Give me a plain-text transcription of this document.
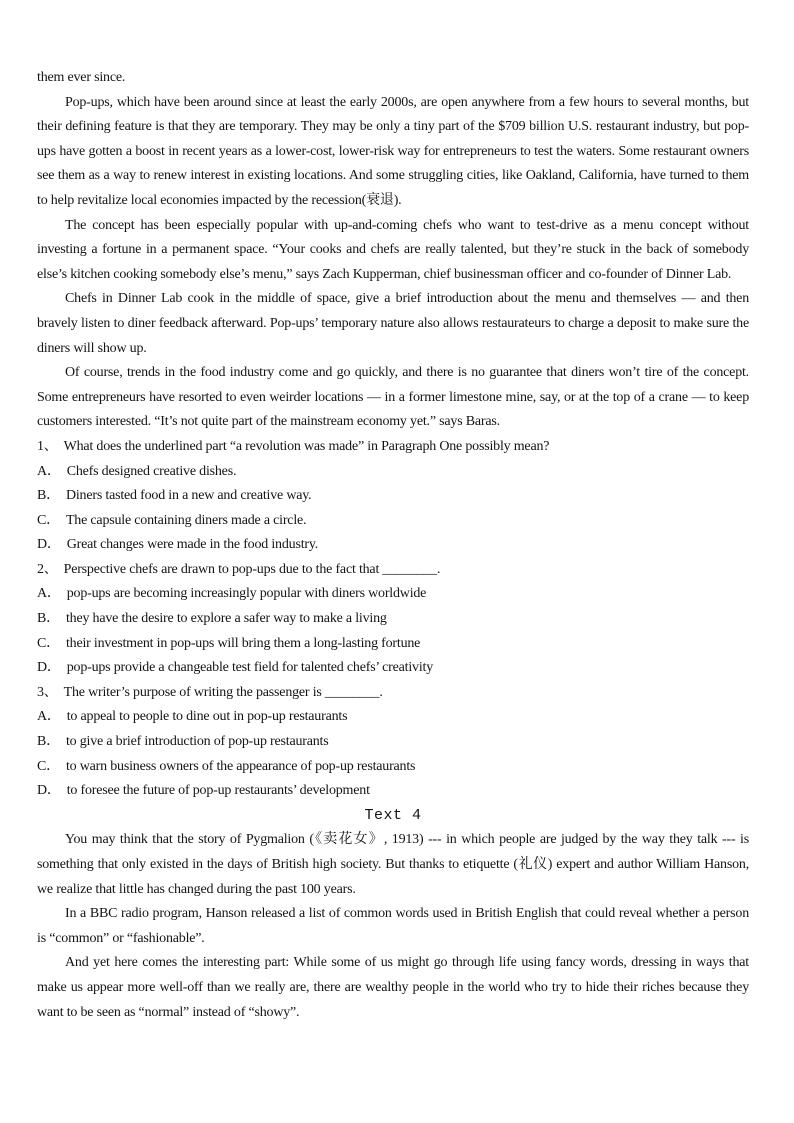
them ever since.

Pop-ups, which have been around since at least the early 2000s, are open anywhere from a few hours to several months, but their defining feature is that they are temporary. They may be only a tiny part of the $709 billion U.S. restaurant industry, but pop-ups have gotten a boost in recent years as a lower-cost, lower-risk way for entrepreneurs to test the waters. Some restaurant owners see them as a way to renew interest in existing locations. And some struggling cities, like Oakland, California, have turned to them to help revitalize local economies impacted by the recession(衰退).

The concept has been especially popular with up-and-coming chefs who want to test-drive as a menu concept without investing a fortune in a permanent space. “Your cooks and chefs are really talented, but they’re stuck in the back of somebody else’s kitchen cooking somebody else’s menu,” says Zach Kupperman, chief businessman officer and co-founder of Dinner Lab.

Chefs in Dinner Lab cook in the middle of space, give a brief introduction about the menu and themselves — and then bravely listen to diner feedback afterward. Pop-ups’ temporary nature also allows restaurateurs to charge a deposit to make sure the diners will show up.

Of course, trends in the food industry come and go quickly, and there is no guarantee that diners won’t tire of the concept. Some entrepreneurs have resorted to even weirder locations — in a former limestone mine, say, or at the top of a crane — to keep customers interested. “It’s not quite part of the mainstream economy yet.” says Baras.

1、 What does the underlined part “a revolution was made” in Paragraph One possibly mean?
A． Chefs designed creative dishes.
B． Diners tasted food in a new and creative way.
C． The capsule containing diners made a circle.
D． Great changes were made in the food industry.
2、 Perspective chefs are drawn to pop-ups due to the fact that ________.
A． pop-ups are becoming increasingly popular with diners worldwide
B． they have the desire to explore a safer way to make a living
C． their investment in pop-ups will bring them a long-lasting fortune
D． pop-ups provide a changeable test field for talented chefs’ creativity
3、 The writer’s purpose of writing the passenger is ________.
A． to appeal to people to dine out in pop-up restaurants
B． to give a brief introduction of pop-up restaurants
C． to warn business owners of the appearance of pop-up restaurants
D． to foresee the future of pop-up restaurants’ development
Text 4

You may think that the story of Pygmalion (《卖花女》, 1913) --- in which people are judged by the way they talk --- is something that only existed in the days of British high society. But thanks to etiquette (礼仪) expert and author William Hanson, we realize that little has changed during the past 100 years.

In a BBC radio program, Hanson released a list of common words used in British English that could reveal whether a person is “common” or “fashionable”.

And yet here comes the interesting part: While some of us might go through life using fancy words, dressing in ways that make us appear more well-off than we really are, there are wealthy people in the world who try to hide their riches because they want to be seen as “normal” instead of “showy”.
